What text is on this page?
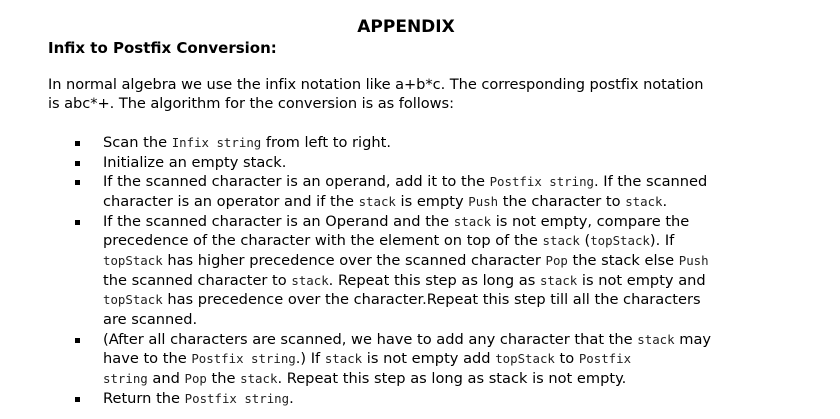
APPENDIX
Infix to Postfix Conversion:
In normal algebra we use the infix notation like a+b*c. The corresponding postfix notation
is abc*+. The algorithm for the conversion is as follows:
Scan the Infix string from left to right.
Initialize an empty stack.
If the scanned character is an operand, add it to the Postfix string. If the scanned
character is an operator and if the stack is empty Push the character to stack.
If the scanned character is an Operand and the stack is not empty, compare the
precedence of the character with the element on top of the stack (topStack). If
topStack has higher precedence over the scanned character Pop the stack else Push
the scanned character to stack. Repeat this step as long as stack is not empty and
topStack has precedence over the character.Repeat this step till all the characters
are scanned.
(After all characters are scanned, we have to add any character that the stack may
have to the Postfix string.) If stack is not empty add topStack to Postfix
string and Pop the stack. Repeat this step as long as stack is not empty.
Return the Postfix string.
